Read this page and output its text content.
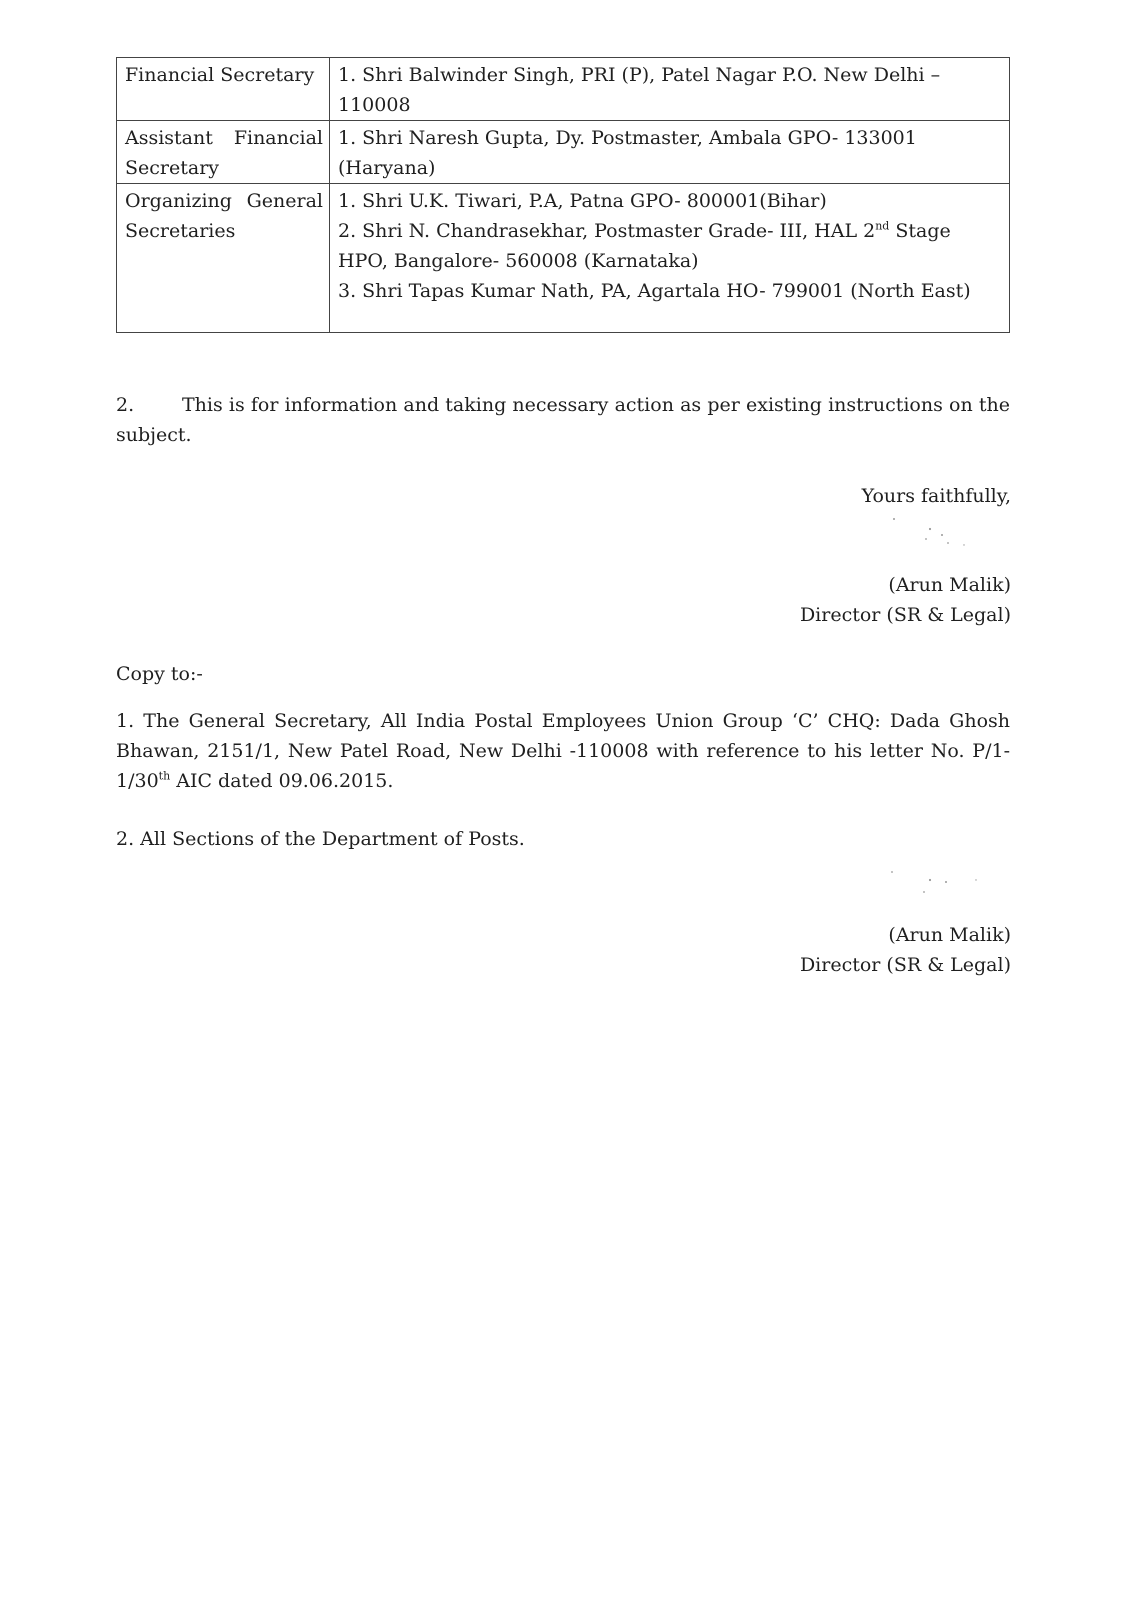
Financial Secretary	1. Shri Balwinder Singh, PRI (P), Patel Nagar P.O. New Delhi – 110008

Assistant Financial Secretary	1. Shri Naresh Gupta, Dy. Postmaster, Ambala GPO- 133001 (Haryana)

Organizing General Secretaries	1. Shri U.K. Tiwari, P.A, Patna GPO- 800001(Bihar)
2. Shri N. Chandrasekhar, Postmaster Grade- III, HAL 2nd Stage HPO, Bangalore- 560008 (Karnataka)
3. Shri Tapas Kumar Nath, PA, Agartala HO- 799001 (North East)
2.	This is for information and taking necessary action as per existing instructions on the subject.
Yours faithfully,
(Arun Malik)
Director (SR & Legal)
Copy to:-
1. The General Secretary, All India Postal Employees Union Group ‘C’ CHQ: Dada Ghosh Bhawan, 2151/1, New Patel Road, New Delhi -110008 with reference to his letter No. P/1-1/30th AIC dated 09.06.2015.
2. All Sections of the Department of Posts.
(Arun Malik)
Director (SR & Legal)
